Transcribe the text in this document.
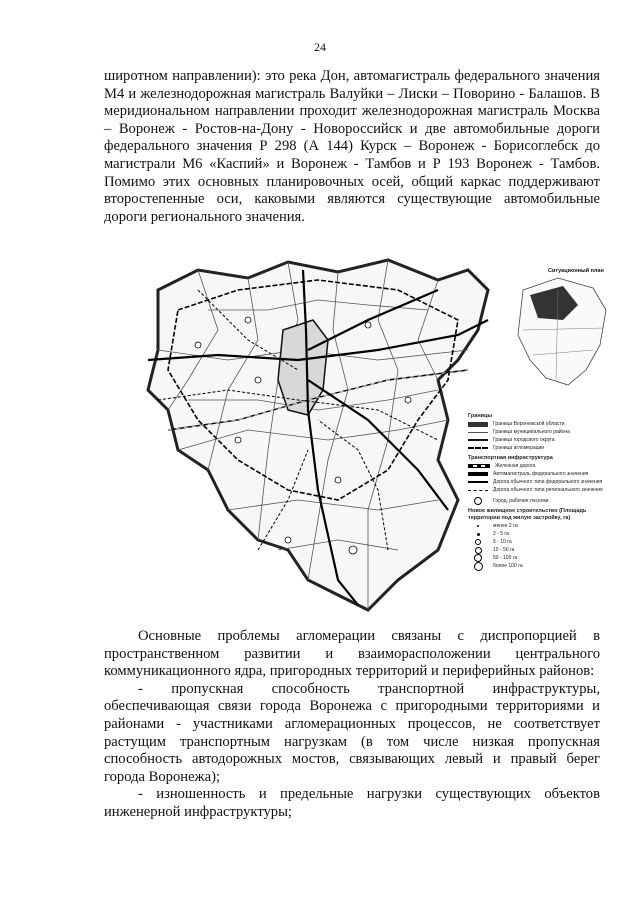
24

широтном направлении): это река Дон, автомагистраль федерального значения М4 и железнодорожная магистраль Валуйки – Лиски – Поворино - Балашов. В меридиональном направлении проходит железнодорожная магистраль Москва – Воронеж - Ростов-на-Дону - Новороссийск и две автомобильные дороги федерального значения Р 298 (А 144) Курск – Воронеж - Борисоглебск до магистрали М6 «Каспий» и Воронеж - Тамбов и Р 193 Воронеж - Тамбов. Помимо этих основных планировочных осей, общий каркас поддерживают второстепенные оси, каковыми являются существующие автомобильные дороги регионального значения.

Ситуационный план
Границы
Граница Воронежской области
Граница муниципального района
Граница городского округа
Граница агломерации
Транспортная инфраструктура
Железная дорога
Автомагистраль федерального значения
Дорога обычного типа федерального значения
Дорога обычного типа регионального значения
Город, рабочие поселки
Новое жилищное строительство (Площадь территории под жилую застройку, га)
менее 2 га
2 - 5 га
5 - 10 га
10 - 50 га
50 - 100 га
более 100 га

Основные проблемы агломерации связаны с диспропорцией в пространственном развитии и взаиморасположении центрального коммуникационного ядра, пригородных территорий и периферийных районов:

- пропускная способность транспортной инфраструктуры, обеспечивающая связи города Воронежа с пригородными территориями и районами - участниками агломерационных процессов, не соответствует растущим транспортным нагрузкам (в том числе низкая пропускная способность автодорожных мостов, связывающих левый и правый берег города Воронежа);

- изношенность и предельные нагрузки существующих объектов инженерной инфраструктуры;
